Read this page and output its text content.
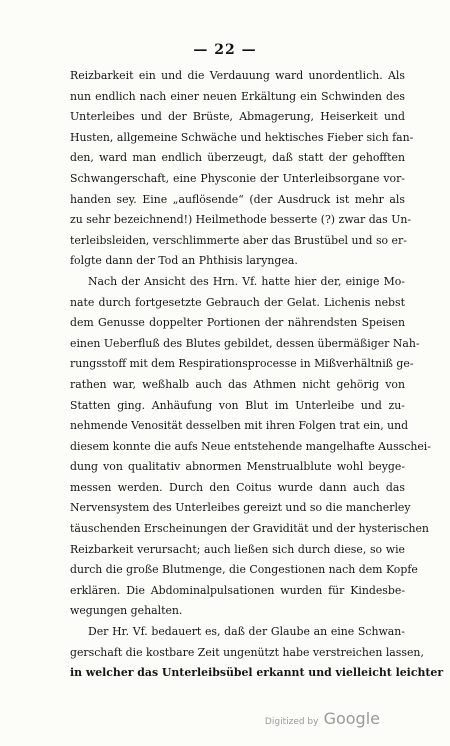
— 22 —
Reizbarkeit ein und die Verdauung ward unordentlich. Als
nun endlich nach einer neuen Erkältung ein Schwinden des
Unterleibes und der Brüste, Abmagerung, Heiserkeit und
Husten, allgemeine Schwäche und hektisches Fieber sich fan-
den, ward man endlich überzeugt, daß statt der gehofften
Schwangerschaft, eine Physconie der Unterleibsorgane vor-
handen sey. Eine „auflösende“ (der Ausdruck ist mehr als
zu sehr bezeichnend!) Heilmethode besserte (?) zwar das Un-
terleibsleiden, verschlimmerte aber das Brustübel und so er-
folgte dann der Tod an Phthisis laryngea.
Nach der Ansicht des Hrn. Vf. hatte hier der, einige Mo-
nate durch fortgesetzte Gebrauch der Gelat. Lichenis nebst
dem Genusse doppelter Portionen der nährendsten Speisen
einen Ueberfluß des Blutes gebildet, dessen übermäßiger Nah-
rungsstoff mit dem Respirationsprocesse in Mißverhältniß ge-
rathen war, weßhalb auch das Athmen nicht gehörig von
Statten ging. Anhäufung von Blut im Unterleibe und zu-
nehmende Venosität desselben mit ihren Folgen trat ein, und
diesem konnte die aufs Neue entstehende mangelhafte Ausschei-
dung von qualitativ abnormen Menstrualblute wohl beyge-
messen werden. Durch den Coitus wurde dann auch das
Nervensystem des Unterleibes gereizt und so die mancherley
täuschenden Erscheinungen der Gravidität und der hysterischen
Reizbarkeit verursacht; auch ließen sich durch diese, so wie
durch die große Blutmenge, die Congestionen nach dem Kopfe
erklären. Die Abdominalpulsationen wurden für Kindesbe-
wegungen gehalten.
Der Hr. Vf. bedauert es, daß der Glaube an eine Schwan-
gerschaft die kostbare Zeit ungenützt habe verstreichen lassen,
in welcher das Unterleibsübel erkannt und vielleicht leichter
Digitized by Google
